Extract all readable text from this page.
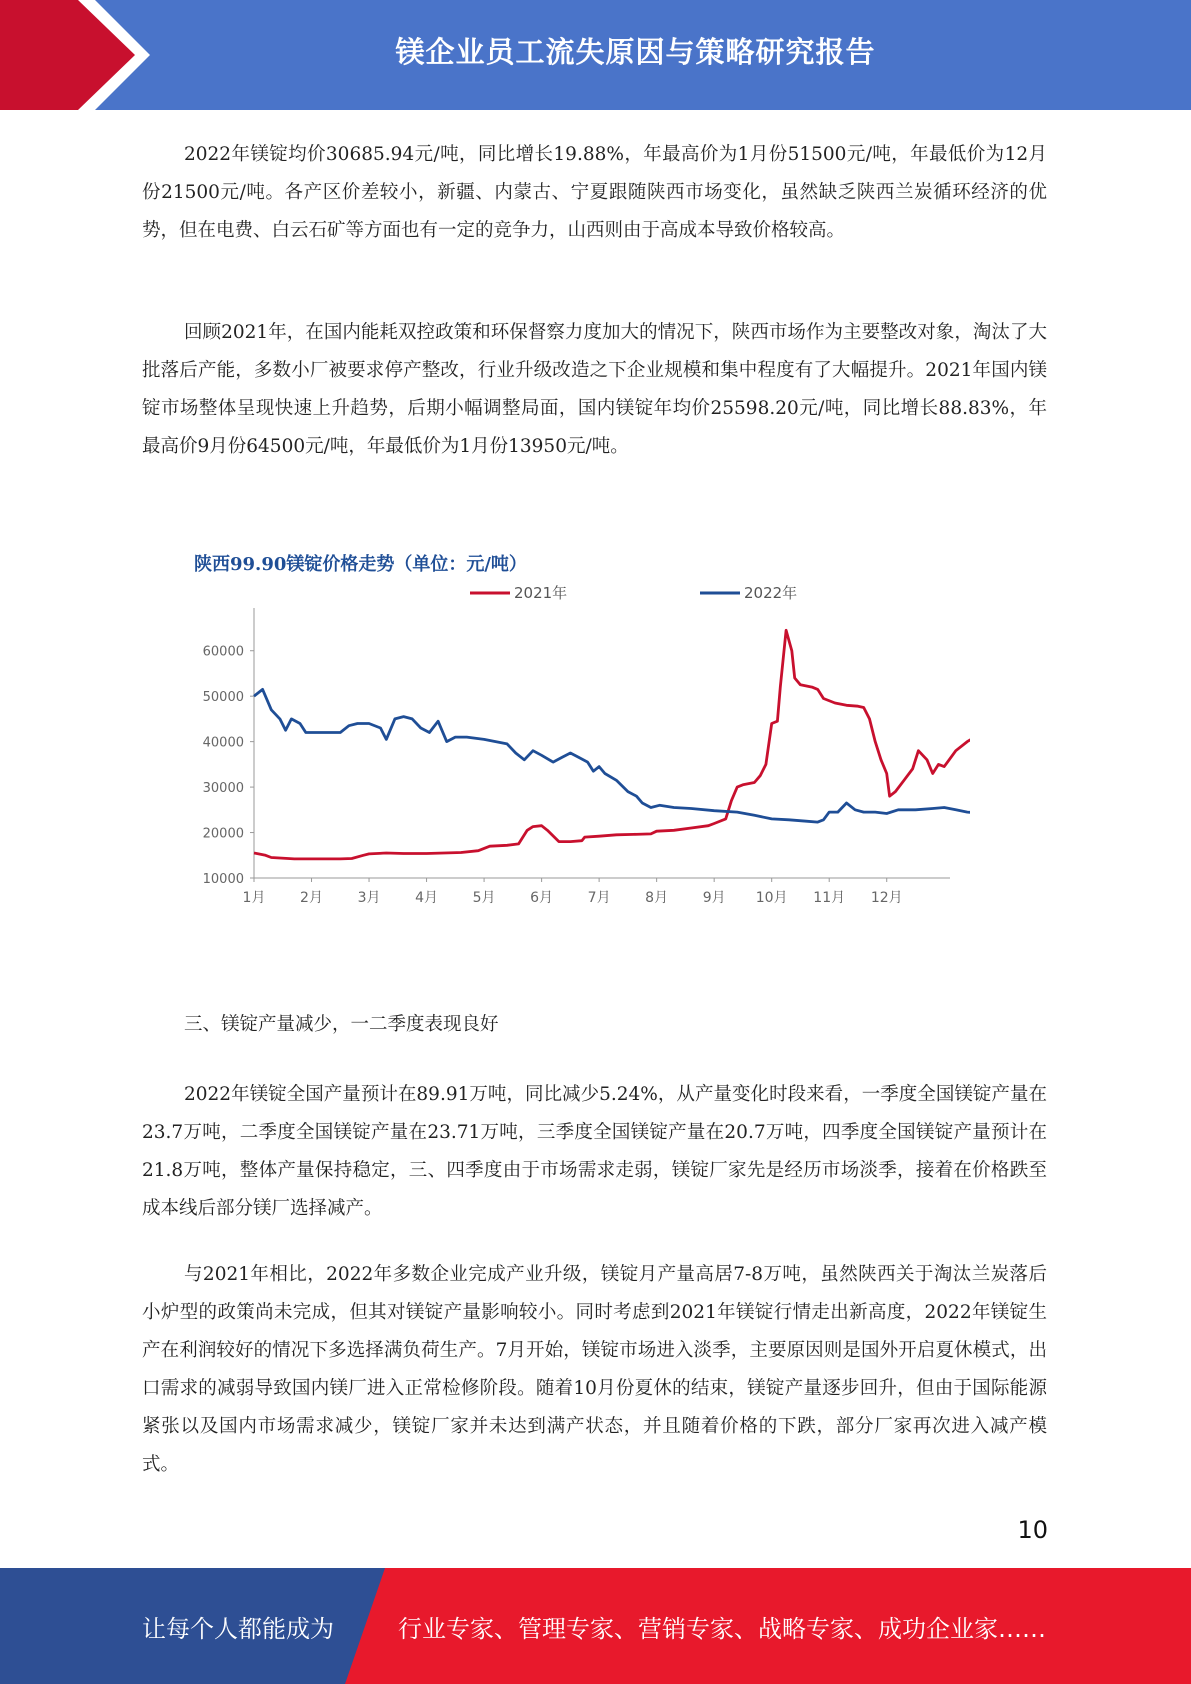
镁企业员工流失原因与策略研究报告

2022年镁锭均价30685.94元/吨，同比增长19.88%，年最高价为1月份51500元/吨，年最低价为12月份21500元/吨。各产区价差较小，新疆、内蒙古、宁夏跟随陕西市场变化，虽然缺乏陕西兰炭循环经济的优势，但在电费、白云石矿等方面也有一定的竞争力，山西则由于高成本导致价格较高。

回顾2021年，在国内能耗双控政策和环保督察力度加大的情况下，陕西市场作为主要整改对象，淘汰了大批落后产能，多数小厂被要求停产整改，行业升级改造之下企业规模和集中程度有了大幅提升。2021年国内镁锭市场整体呈现快速上升趋势，后期小幅调整局面，国内镁锭年均价25598.20元/吨，同比增长88.83%，年最高价9月份64500元/吨，年最低价为1月份13950元/吨。

陕西99.90镁锭价格走势（单位：元/吨）
2021年	2022年
10000
20000
30000
40000
50000
60000
1月 2月 3月 4月 5月 6月 7月 8月 9月 10月 11月 12月

三、镁锭产量减少，一二季度表现良好

2022年镁锭全国产量预计在89.91万吨，同比减少5.24%，从产量变化时段来看，一季度全国镁锭产量在23.7万吨，二季度全国镁锭产量在23.71万吨，三季度全国镁锭产量在20.7万吨，四季度全国镁锭产量预计在21.8万吨，整体产量保持稳定，三、四季度由于市场需求走弱，镁锭厂家先是经历市场淡季，接着在价格跌至成本线后部分镁厂选择减产。

与2021年相比，2022年多数企业完成产业升级，镁锭月产量高居7-8万吨，虽然陕西关于淘汰兰炭落后小炉型的政策尚未完成，但其对镁锭产量影响较小。同时考虑到2021年镁锭行情走出新高度，2022年镁锭生产在利润较好的情况下多选择满负荷生产。7月开始，镁锭市场进入淡季，主要原因则是国外开启夏休模式，出口需求的减弱导致国内镁厂进入正常检修阶段。随着10月份夏休的结束，镁锭产量逐步回升，但由于国际能源紧张以及国内市场需求减少，镁锭厂家并未达到满产状态，并且随着价格的下跌，部分厂家再次进入减产模式。

10
让每个人都能成为	行业专家、管理专家、营销专家、战略专家、成功企业家……
